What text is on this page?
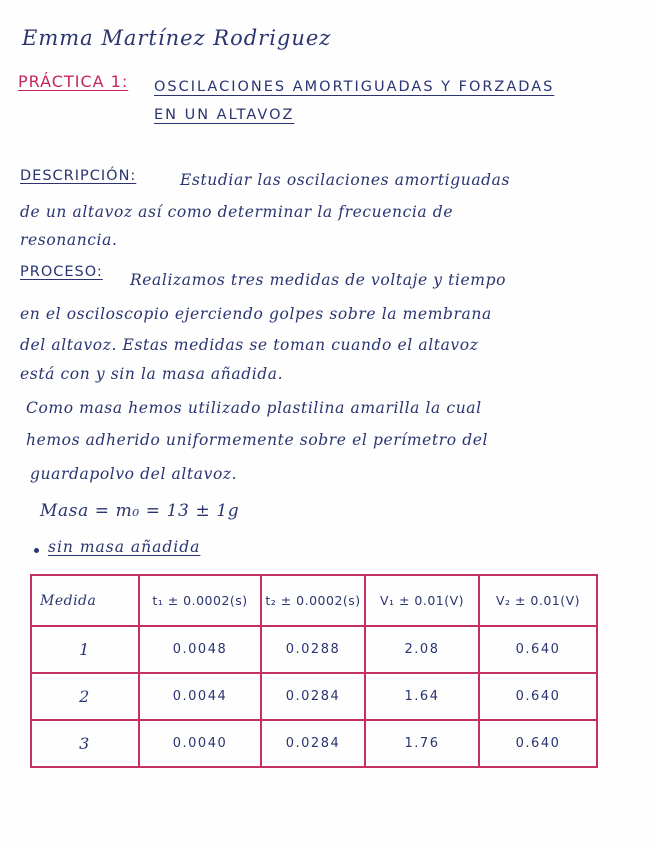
Emma Martínez Rodriguez
PRÁCTICA 1: OSCILACIONES AMORTIGUADAS Y FORZADAS
EN UN ALTAVOZ
DESCRIPCIÓN:	Estudiar las oscilaciones amortiguadas
de un altavoz así como determinar la frecuencia de
resonancia.
PROCESO: Realizamos tres medidas de voltaje y tiempo
en el osciloscopio ejerciendo golpes sobre la membrana
del altavoz. Estas medidas se toman cuando el altavoz
está con y sin la masa añadida.
Como masa hemos utilizado plastilina amarilla la cual
hemos adherido uniformemente sobre el perímetro del
guardapolvo del altavoz.
Masa = m₀ = 13 ± 1g
sin masa añadida
Medida	t₁ ± 0.0002(s)	t₂ ± 0.0002(s)	V₁ ± 0.01(V)	V₂ ± 0.01(V)
1	0.0048	0.0288	2.08	0.640
2	0.0044	0.0284	1.64	0.640
3	0.0040	0.0284	1.76	0.640
